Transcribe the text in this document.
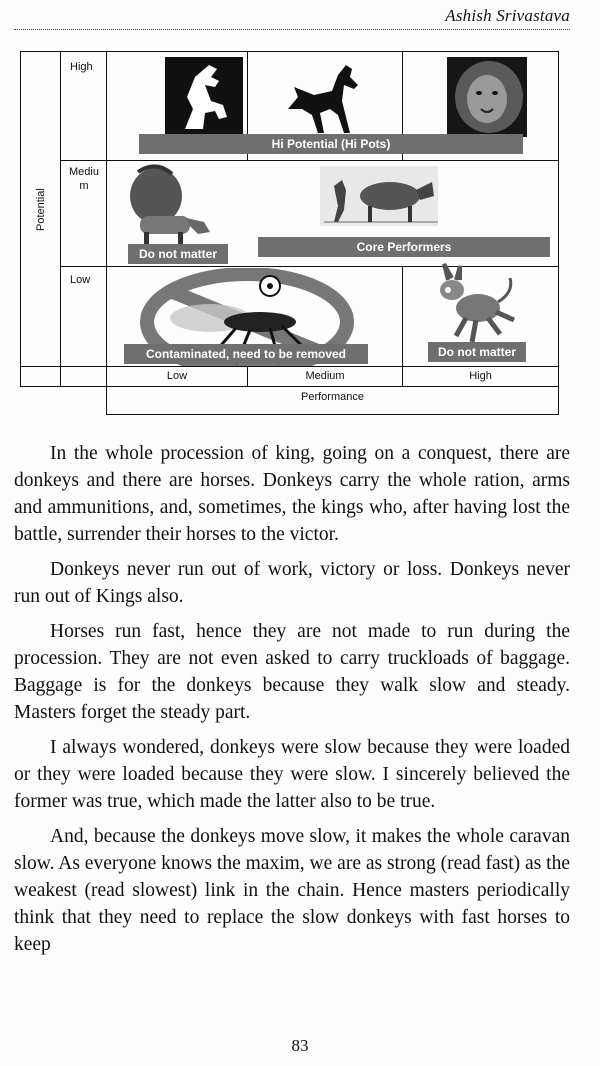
Ashish Srivastava
Potential
High
Mediu
m
Low
Low	Medium	High
Performance
Hi Potential (Hi Pots)
Do not matter	Core Performers
Contaminated, need to be removed	Do not matter

In the whole procession of king, going on a conquest, there are donkeys and there are horses. Donkeys carry the whole ration, arms and ammunitions, and, sometimes, the kings who, after having lost the battle, surrender their horses to the victor.

Donkeys never run out of work, victory or loss. Donkeys never run out of Kings also.

Horses run fast, hence they are not made to run during the procession. They are not even asked to carry truckloads of baggage. Baggage is for the donkeys because they walk slow and steady. Masters forget the steady part.

I always wondered, donkeys were slow because they were loaded or they were loaded because they were slow. I sincerely believed the former was true, which made the latter also to be true.

And, because the donkeys move slow, it makes the whole caravan slow. As everyone knows the maxim, we are as strong (read fast) as the weakest (read slowest) link in the chain. Hence masters periodically think that they need to replace the slow donkeys with fast horses to keep

83
